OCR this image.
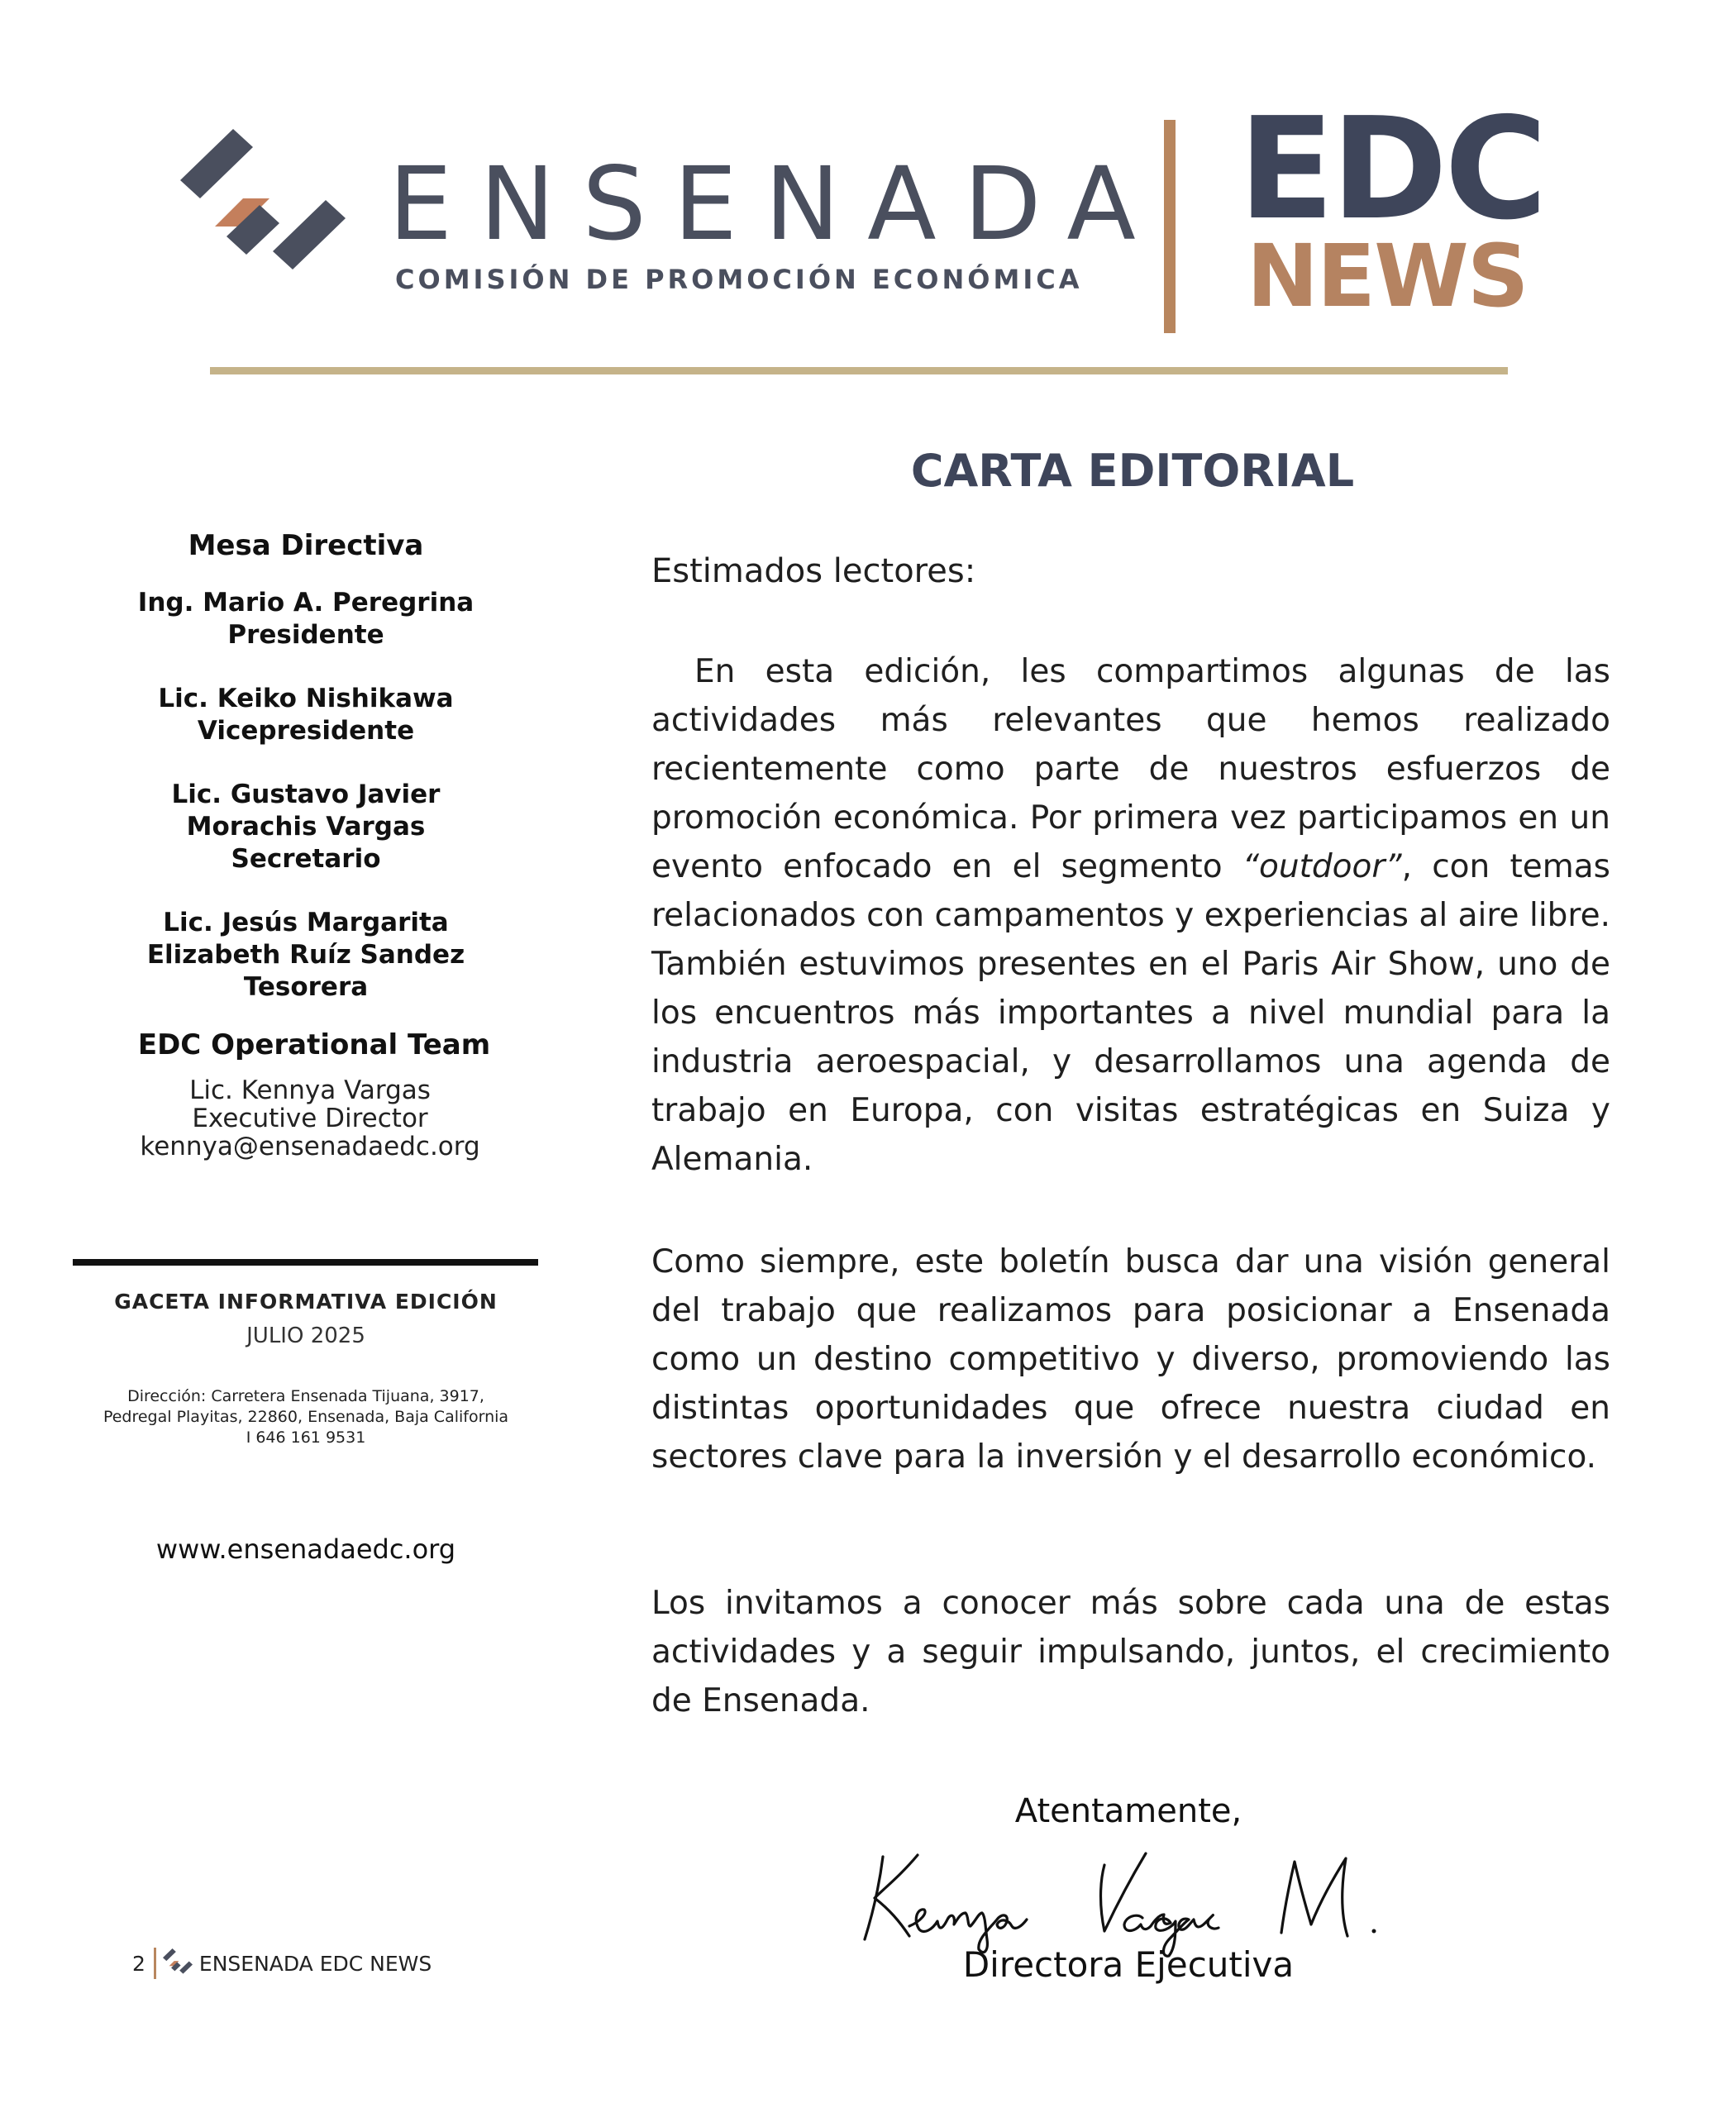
ENSENADA
COMISIÓN DE PROMOCIÓN ECONÓMICA
EDC
NEWS
Mesa Directiva
Ing. Mario A. Peregrina
Presidente
Lic. Keiko Nishikawa
Vicepresidente
Lic. Gustavo Javier
Morachis Vargas
Secretario
Lic. Jesús Margarita
Elizabeth Ruíz Sandez
Tesorera
EDC Operational Team
Lic. Kennya Vargas
Executive Director
kennya@ensenadaedc.org
GACETA INFORMATIVA EDICIÓN
JULIO 2025
Dirección: Carretera Ensenada Tijuana, 3917, Pedregal Playitas, 22860, Ensenada, Baja California I 646 161 9531
www.ensenadaedc.org
2	ENSENADA EDC NEWS
CARTA EDITORIAL
Estimados lectores:
En esta edición, les compartimos algunas de las actividades más relevantes que hemos realizado recientemente como parte de nuestros esfuerzos de promoción económica. Por primera vez participamos en un evento enfocado en el segmento “outdoor”, con temas relacionados con campamentos y experiencias al aire libre. También estuvimos presentes en el Paris Air Show, uno de los encuentros más importantes a nivel mundial para la industria aeroespacial, y desarrollamos una agenda de trabajo en Europa, con visitas estratégicas en Suiza y Alemania.
Como siempre, este boletín busca dar una visión general del trabajo que realizamos para posicionar a Ensenada como un destino competitivo y diverso, promoviendo las distintas oportunidades que ofrece nuestra ciudad en sectores clave para la inversión y el desarrollo económico.
Los invitamos a conocer más sobre cada una de estas actividades y a seguir impulsando, juntos, el crecimiento de Ensenada.
Atentamente,
Directora Ejecutiva
